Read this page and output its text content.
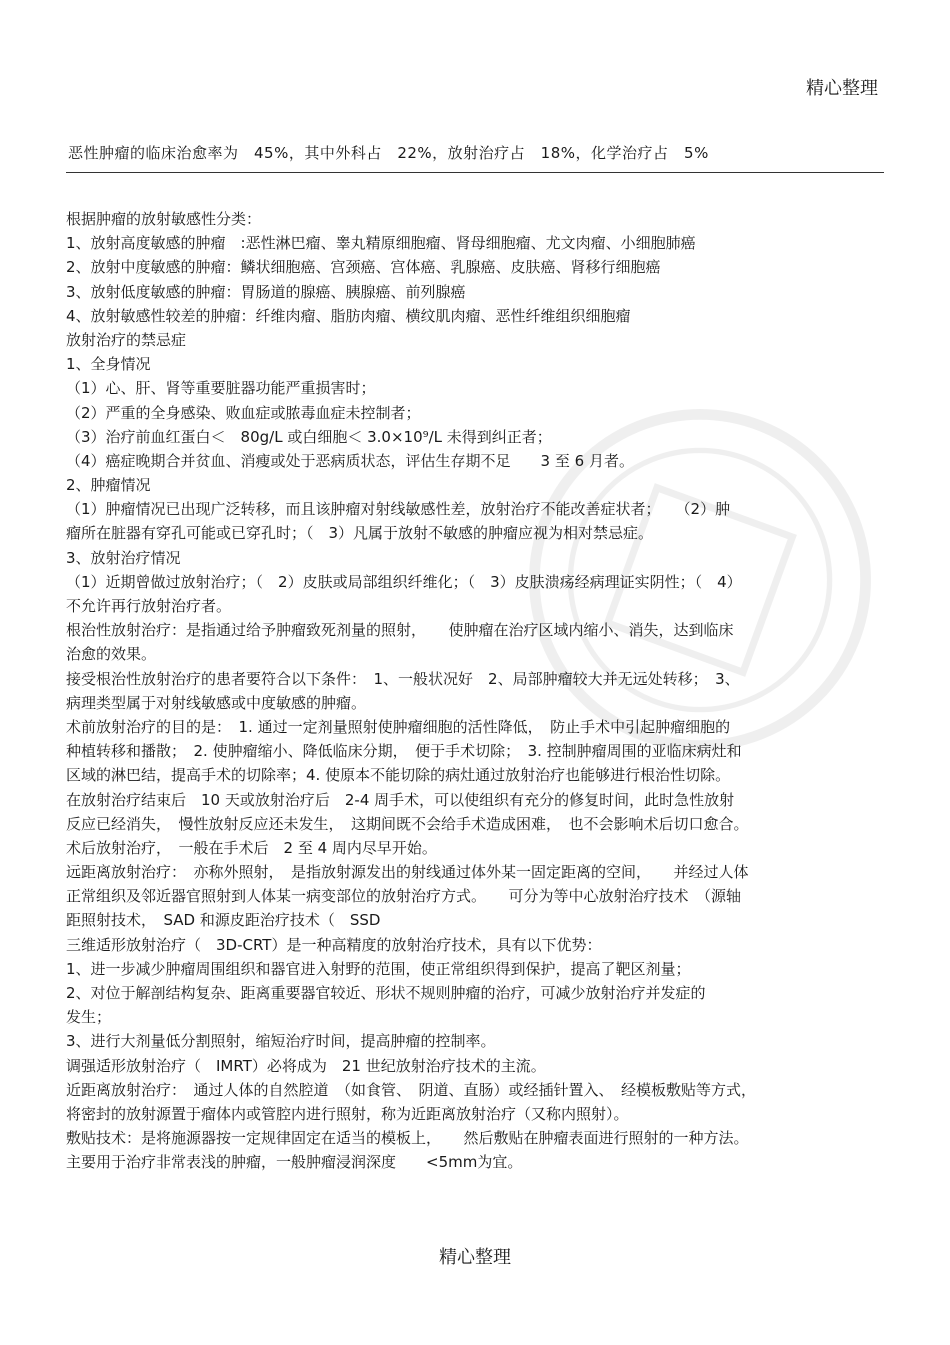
精心整理
恶性肿瘤的临床治愈率为　45%，其中外科占　22%，放射治疗占　18%，化学治疗占　5%
根据肿瘤的放射敏感性分类：
1、放射高度敏感的肿瘤　:恶性淋巴瘤、睾丸精原细胞瘤、肾母细胞瘤、尤文肉瘤、小细胞肺癌
2、放射中度敏感的肿瘤：鳞状细胞癌、宫颈癌、宫体癌、乳腺癌、皮肤癌、肾移行细胞癌
3、放射低度敏感的肿瘤：胃肠道的腺癌、胰腺癌、前列腺癌
4、放射敏感性较差的肿瘤：纤维肉瘤、脂肪肉瘤、横纹肌肉瘤、恶性纤维组织细胞瘤
放射治疗的禁忌症
1、全身情况
（1）心、肝、肾等重要脏器功能严重损害时；
（2）严重的全身感染、败血症或脓毒血症未控制者；
（3）治疗前血红蛋白＜　80g/L 或白细胞＜ 3.0×10⁹/L 未得到纠正者；
（4）癌症晚期合并贫血、消瘦或处于恶病质状态，评估生存期不足　　3 至 6 月者。
2、肿瘤情况
（1）肿瘤情况已出现广泛转移，而且该肿瘤对射线敏感性差，放射治疗不能改善症状者；　　（2）肿
瘤所在脏器有穿孔可能或已穿孔时；（　3）凡属于放射不敏感的肿瘤应视为相对禁忌症。
3、放射治疗情况
（1）近期曾做过放射治疗；（　2）皮肤或局部组织纤维化；（　3）皮肤溃疡经病理证实阴性；（　4）
不允许再行放射治疗者。
根治性放射治疗：是指通过给予肿瘤致死剂量的照射，　　使肿瘤在治疗区域内缩小、消失，达到临床
治愈的效果。
接受根治性放射治疗的患者要符合以下条件：　1、一般状况好　2、局部肿瘤较大并无远处转移；　3、
病理类型属于对射线敏感或中度敏感的肿瘤。
术前放射治疗的目的是：　1. 通过一定剂量照射使肿瘤细胞的活性降低，　防止手术中引起肿瘤细胞的
种植转移和播散；　2. 使肿瘤缩小、降低临床分期，　便于手术切除；　3. 控制肿瘤周围的亚临床病灶和
区域的淋巴结，提高手术的切除率；4. 使原本不能切除的病灶通过放射治疗也能够进行根治性切除。
在放射治疗结束后　10 天或放射治疗后　2-4 周手术，可以使组织有充分的修复时间，此时急性放射
反应已经消失，　慢性放射反应还未发生，　这期间既不会给手术造成困难，　也不会影响术后切口愈合。
术后放射治疗，　一般在手术后　2 至 4 周内尽早开始。
远距离放射治疗：　亦称外照射，　是指放射源发出的射线通过体外某一固定距离的空间，　　并经过人体
正常组织及邻近器官照射到人体某一病变部位的放射治疗方式。　　可分为等中心放射治疗技术　（源轴
距照射技术，　SAD 和源皮距治疗技术（　SSD
三维适形放射治疗（　3D-CRT）是一种高精度的放射治疗技术，具有以下优势：
1、进一步减少肿瘤周围组织和器官进入射野的范围，使正常组织得到保护，提高了靶区剂量；
2、对位于解剖结构复杂、距离重要器官较近、形状不规则肿瘤的治疗，可减少放射治疗并发症的
发生；
3、进行大剂量低分割照射，缩短治疗时间，提高肿瘤的控制率。
调强适形放射治疗（　IMRT）必将成为　21 世纪放射治疗技术的主流。
近距离放射治疗：　通过人体的自然腔道　（如食管、　阴道、直肠）或经插针置入、　经模板敷贴等方式，
将密封的放射源置于瘤体内或管腔内进行照射，称为近距离放射治疗（又称内照射）。
敷贴技术：是将施源器按一定规律固定在适当的模板上，　　然后敷贴在肿瘤表面进行照射的一种方法。
主要用于治疗非常表浅的肿瘤，一般肿瘤浸润深度　　<5mm为宜。
精心整理
